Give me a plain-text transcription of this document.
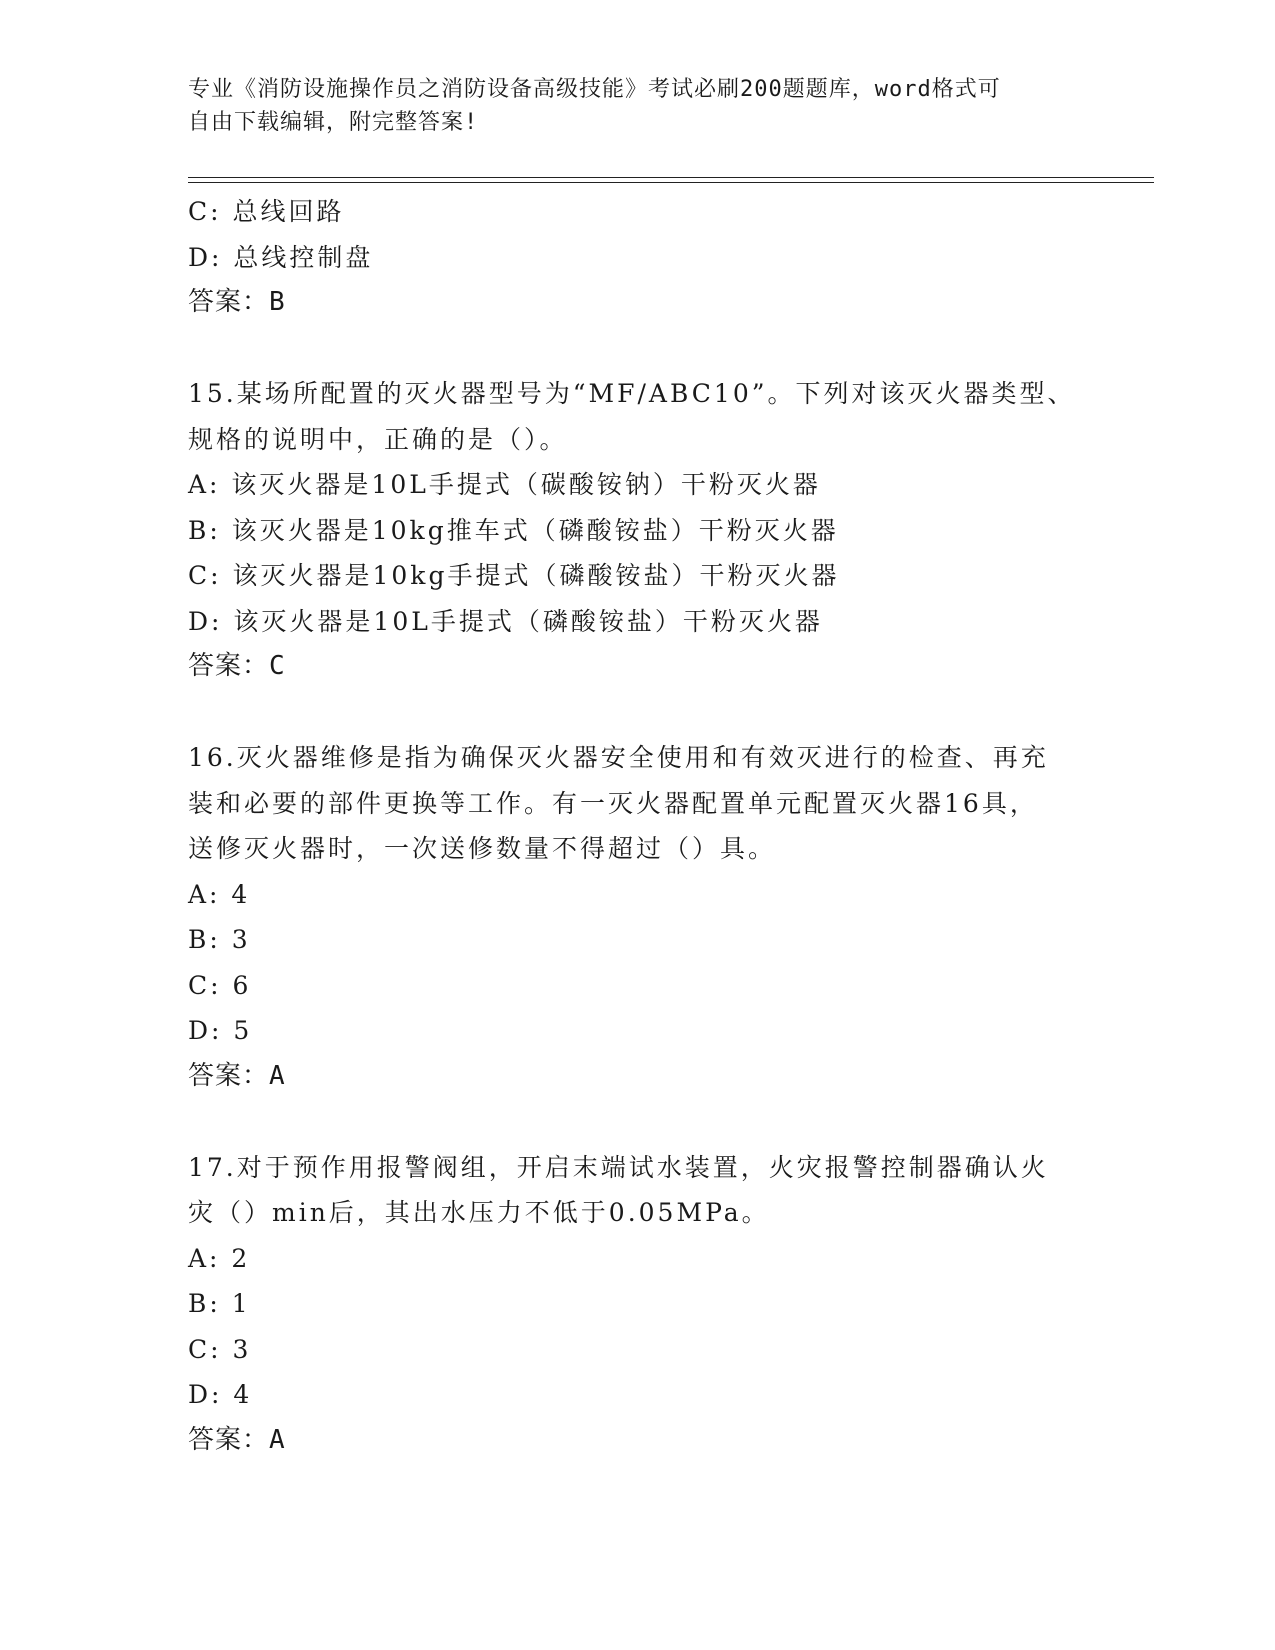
专业《消防设施操作员之消防设备高级技能》考试必刷200题题库，word格式可
自由下载编辑，附完整答案!
C: 总线回路
D: 总线控制盘
答案：B
15.某场所配置的灭火器型号为“MF/ABC10”。下列对该灭火器类型、
规格的说明中，正确的是（）。
A: 该灭火器是10L手提式（碳酸铵钠）干粉灭火器
B: 该灭火器是10kg推车式（磷酸铵盐）干粉灭火器
C: 该灭火器是10kg手提式（磷酸铵盐）干粉灭火器
D: 该灭火器是10L手提式（磷酸铵盐）干粉灭火器
答案：C
16.灭火器维修是指为确保灭火器安全使用和有效灭进行的检查、再充
装和必要的部件更换等工作。有一灭火器配置单元配置灭火器16具，
送修灭火器时，一次送修数量不得超过（）具。
A: 4
B: 3
C: 6
D: 5
答案：A
17.对于预作用报警阀组，开启末端试水装置，火灾报警控制器确认火
灾（）min后，其出水压力不低于0.05MPa。
A: 2
B: 1
C: 3
D: 4
答案：A
